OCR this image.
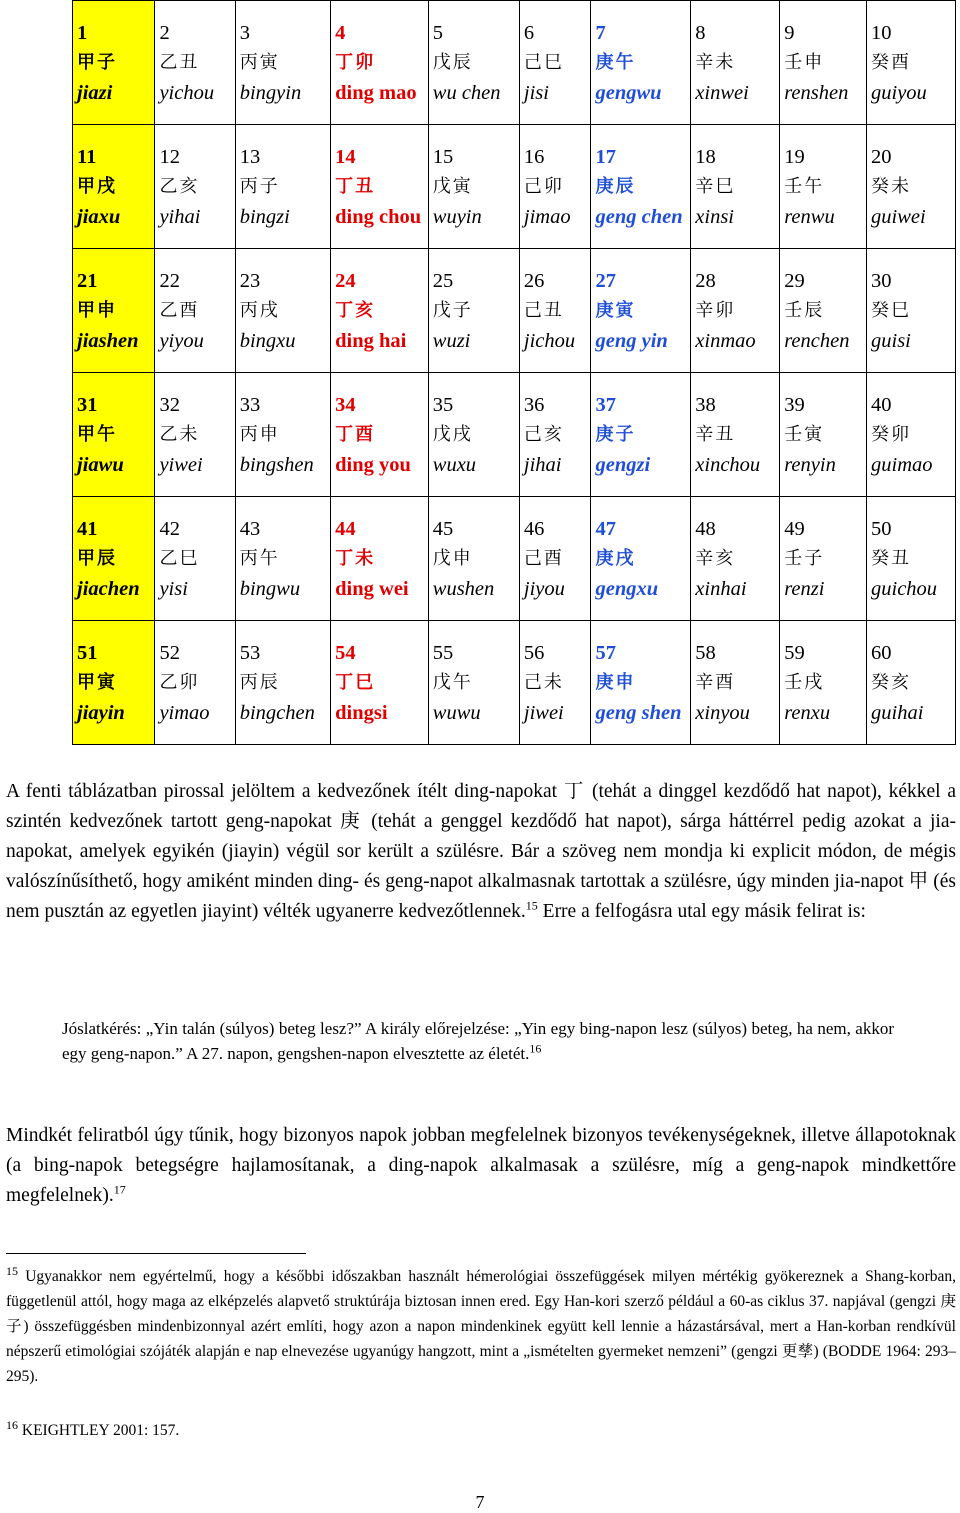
1
甲子
jiazi	2
乙丑
yichou	3
丙寅
bingyin	4
丁卯
ding mao	5
戊辰
wu chen	6
己巳
jisi	7
庚午
gengwu	8
辛未
xinwei	9
壬申
renshen	10
癸酉
guiyou

11
甲戌
jiaxu	12
乙亥
yihai	13
丙子
bingzi	14
丁丑
ding chou	15
戊寅
wuyin	16
己卯
jimao	17
庚辰
geng chen	18
辛巳
xinsi	19
壬午
renwu	20
癸未
guiwei

21
甲申
jiashen	22
乙酉
yiyou	23
丙戌
bingxu	24
丁亥
ding hai	25
戊子
wuzi	26
己丑
jichou	27
庚寅
geng yin	28
辛卯
xinmao	29
壬辰
renchen	30
癸巳
guisi

31
甲午
jiawu	32
乙未
yiwei	33
丙申
bingshen	34
丁酉
ding you	35
戊戌
wuxu	36
己亥
jihai	37
庚子
gengzi	38
辛丑
xinchou	39
壬寅
renyin	40
癸卯
guimao

41
甲辰
jiachen	42
乙巳
yisi	43
丙午
bingwu	44
丁未
ding wei	45
戊申
wushen	46
己酉
jiyou	47
庚戌
gengxu	48
辛亥
xinhai	49
壬子
renzi	50
癸丑
guichou

51
甲寅
jiayin	52
乙卯
yimao	53
丙辰
bingchen	54
丁巳
dingsi	55
戊午
wuwu	56
己未
jiwei	57
庚申
geng shen	58
辛酉
xinyou	59
壬戌
renxu	60
癸亥
guihai
A fenti táblázatban pirossal jelöltem a kedvezőnek ítélt ding-napokat 丁 (tehát a dinggel kezdődő hat napot), kékkel a szintén kedvezőnek tartott geng-napokat 庚 (tehát a genggel kezdődő hat napot), sárga háttérrel pedig azokat a jia-napokat, amelyek egyikén (jiayin) végül sor került a szülésre. Bár a szöveg nem mondja ki explicit módon, de mégis valószínűsíthető, hogy amiként minden ding- és geng-napot alkalmasnak tartottak a szülésre, úgy minden jia-napot 甲 (és nem pusztán az egyetlen jiayint) vélték ugyanerre kedvezőtlennek.$^{15}$ Erre a felfogásra utal egy másik felirat is:
Jóslatkérés: „Yin talán (súlyos) beteg lesz?” A király előrejelzése: „Yin egy bing-napon lesz (súlyos) beteg, ha nem, akkor egy geng-napon.” A 27. napon, gengshen-napon elvesztette az életét.$^{16}$
Mindkét feliratból úgy tűnik, hogy bizonyos napok jobban megfelelnek bizonyos tevékenységeknek, illetve állapotoknak (a bing-napok betegségre hajlamosítanak, a ding-napok alkalmasak a szülésre, míg a geng-napok mindkettőre megfelelnek).$^{17}$
$^{15}$ Ugyanakkor nem egyértelmű, hogy a későbbi időszakban használt hémerológiai összefüggések milyen mértékig gyökereznek a Shang-korban, függetlenül attól, hogy maga az elképzelés alapvető struktúrája biztosan innen ered. Egy Han-kori szerző például a 60-as ciklus 37. napjával (gengzi 庚子) összefüggésben mindenbizonnyal azért említi, hogy azon a napon mindenkinek együtt kell lennie a házastársával, mert a Han-korban rendkívül népszerű etimológiai szójáték alapján e nap elnevezése ugyanúgy hangzott, mint a „ismételten gyermeket nemzeni” (gengzi 更孳) (BODDE 1964: 293–295).
$^{16}$ KEIGHTLEY 2001: 157.
7
